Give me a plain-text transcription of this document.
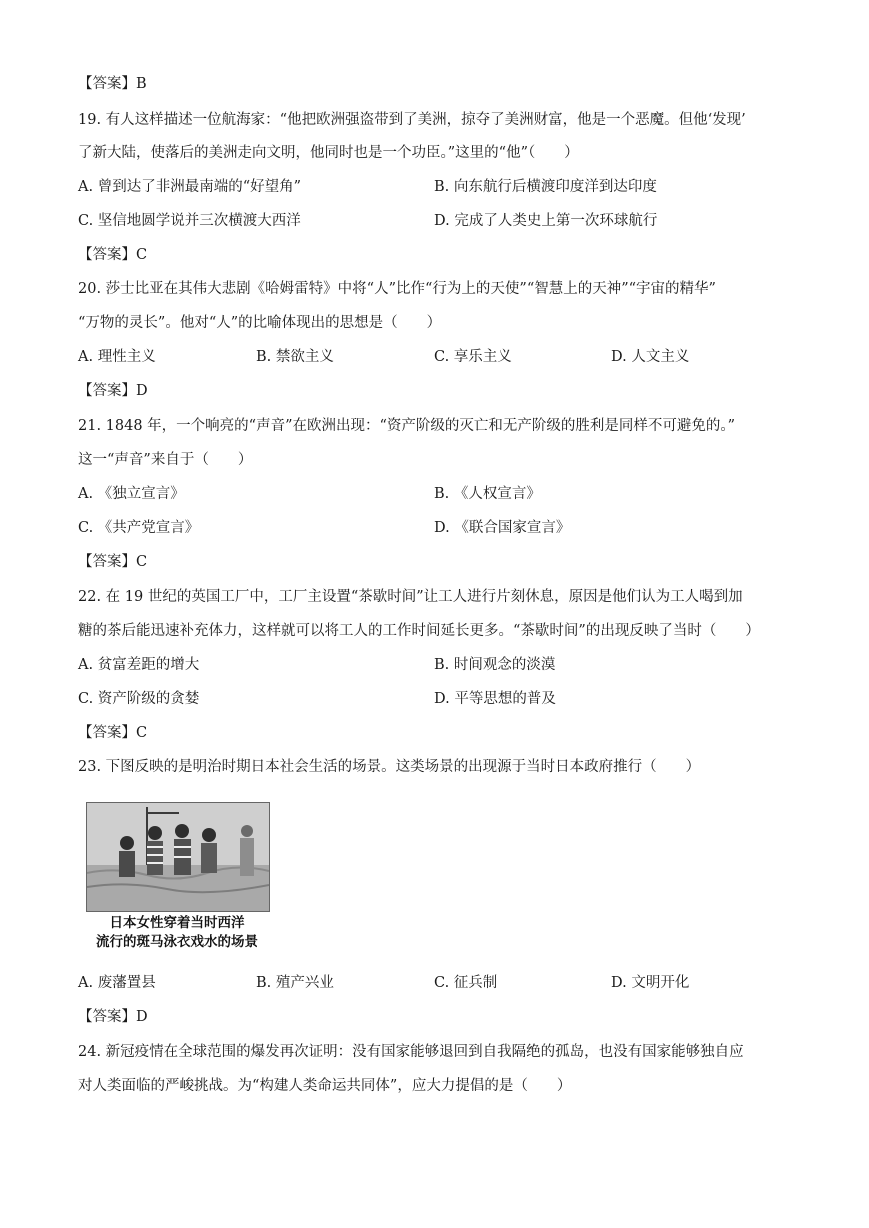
【答案】B
19. 有人这样描述一位航海家：“他把欧洲强盗带到了美洲，掠夺了美洲财富，他是一个恶魔。但他‘发现’
了新大陆，使落后的美洲走向文明，他同时也是一个功臣。”这里的“他”（　　）
A. 曾到达了非洲最南端的“好望角”	B. 向东航行后横渡印度洋到达印度
C. 坚信地圆学说并三次横渡大西洋	D. 完成了人类史上第一次环球航行
【答案】C
20. 莎士比亚在其伟大悲剧《哈姆雷特》中将“人”比作“行为上的天使”“智慧上的天神”“宇宙的精华”
“万物的灵长”。他对“人”的比喻体现出的思想是（　　）
A. 理性主义	B. 禁欲主义	C. 享乐主义	D. 人文主义
【答案】D
21. 1848 年，一个响亮的“声音”在欧洲出现：“资产阶级的灭亡和无产阶级的胜利是同样不可避免的。”
这一“声音”来自于（　　）
A. 《独立宣言》	B. 《人权宣言》
C. 《共产党宣言》	D. 《联合国家宣言》
【答案】C
22. 在 19 世纪的英国工厂中，工厂主设置“茶歇时间”让工人进行片刻休息，原因是他们认为工人喝到加
糖的茶后能迅速补充体力，这样就可以将工人的工作时间延长更多。“茶歇时间”的出现反映了当时（　　）
A. 贫富差距的增大	B. 时间观念的淡漠
C. 资产阶级的贪婪	D. 平等思想的普及
【答案】C
23. 下图反映的是明治时期日本社会生活的场景。这类场景的出现源于当时日本政府推行（　　）
日本女性穿着当时西洋
流行的斑马泳衣戏水的场景
A. 废藩置县	B. 殖产兴业	C. 征兵制	D. 文明开化
【答案】D
24. 新冠疫情在全球范围的爆发再次证明：没有国家能够退回到自我隔绝的孤岛，也没有国家能够独自应
对人类面临的严峻挑战。为“构建人类命运共同体”，应大力提倡的是（　　）
